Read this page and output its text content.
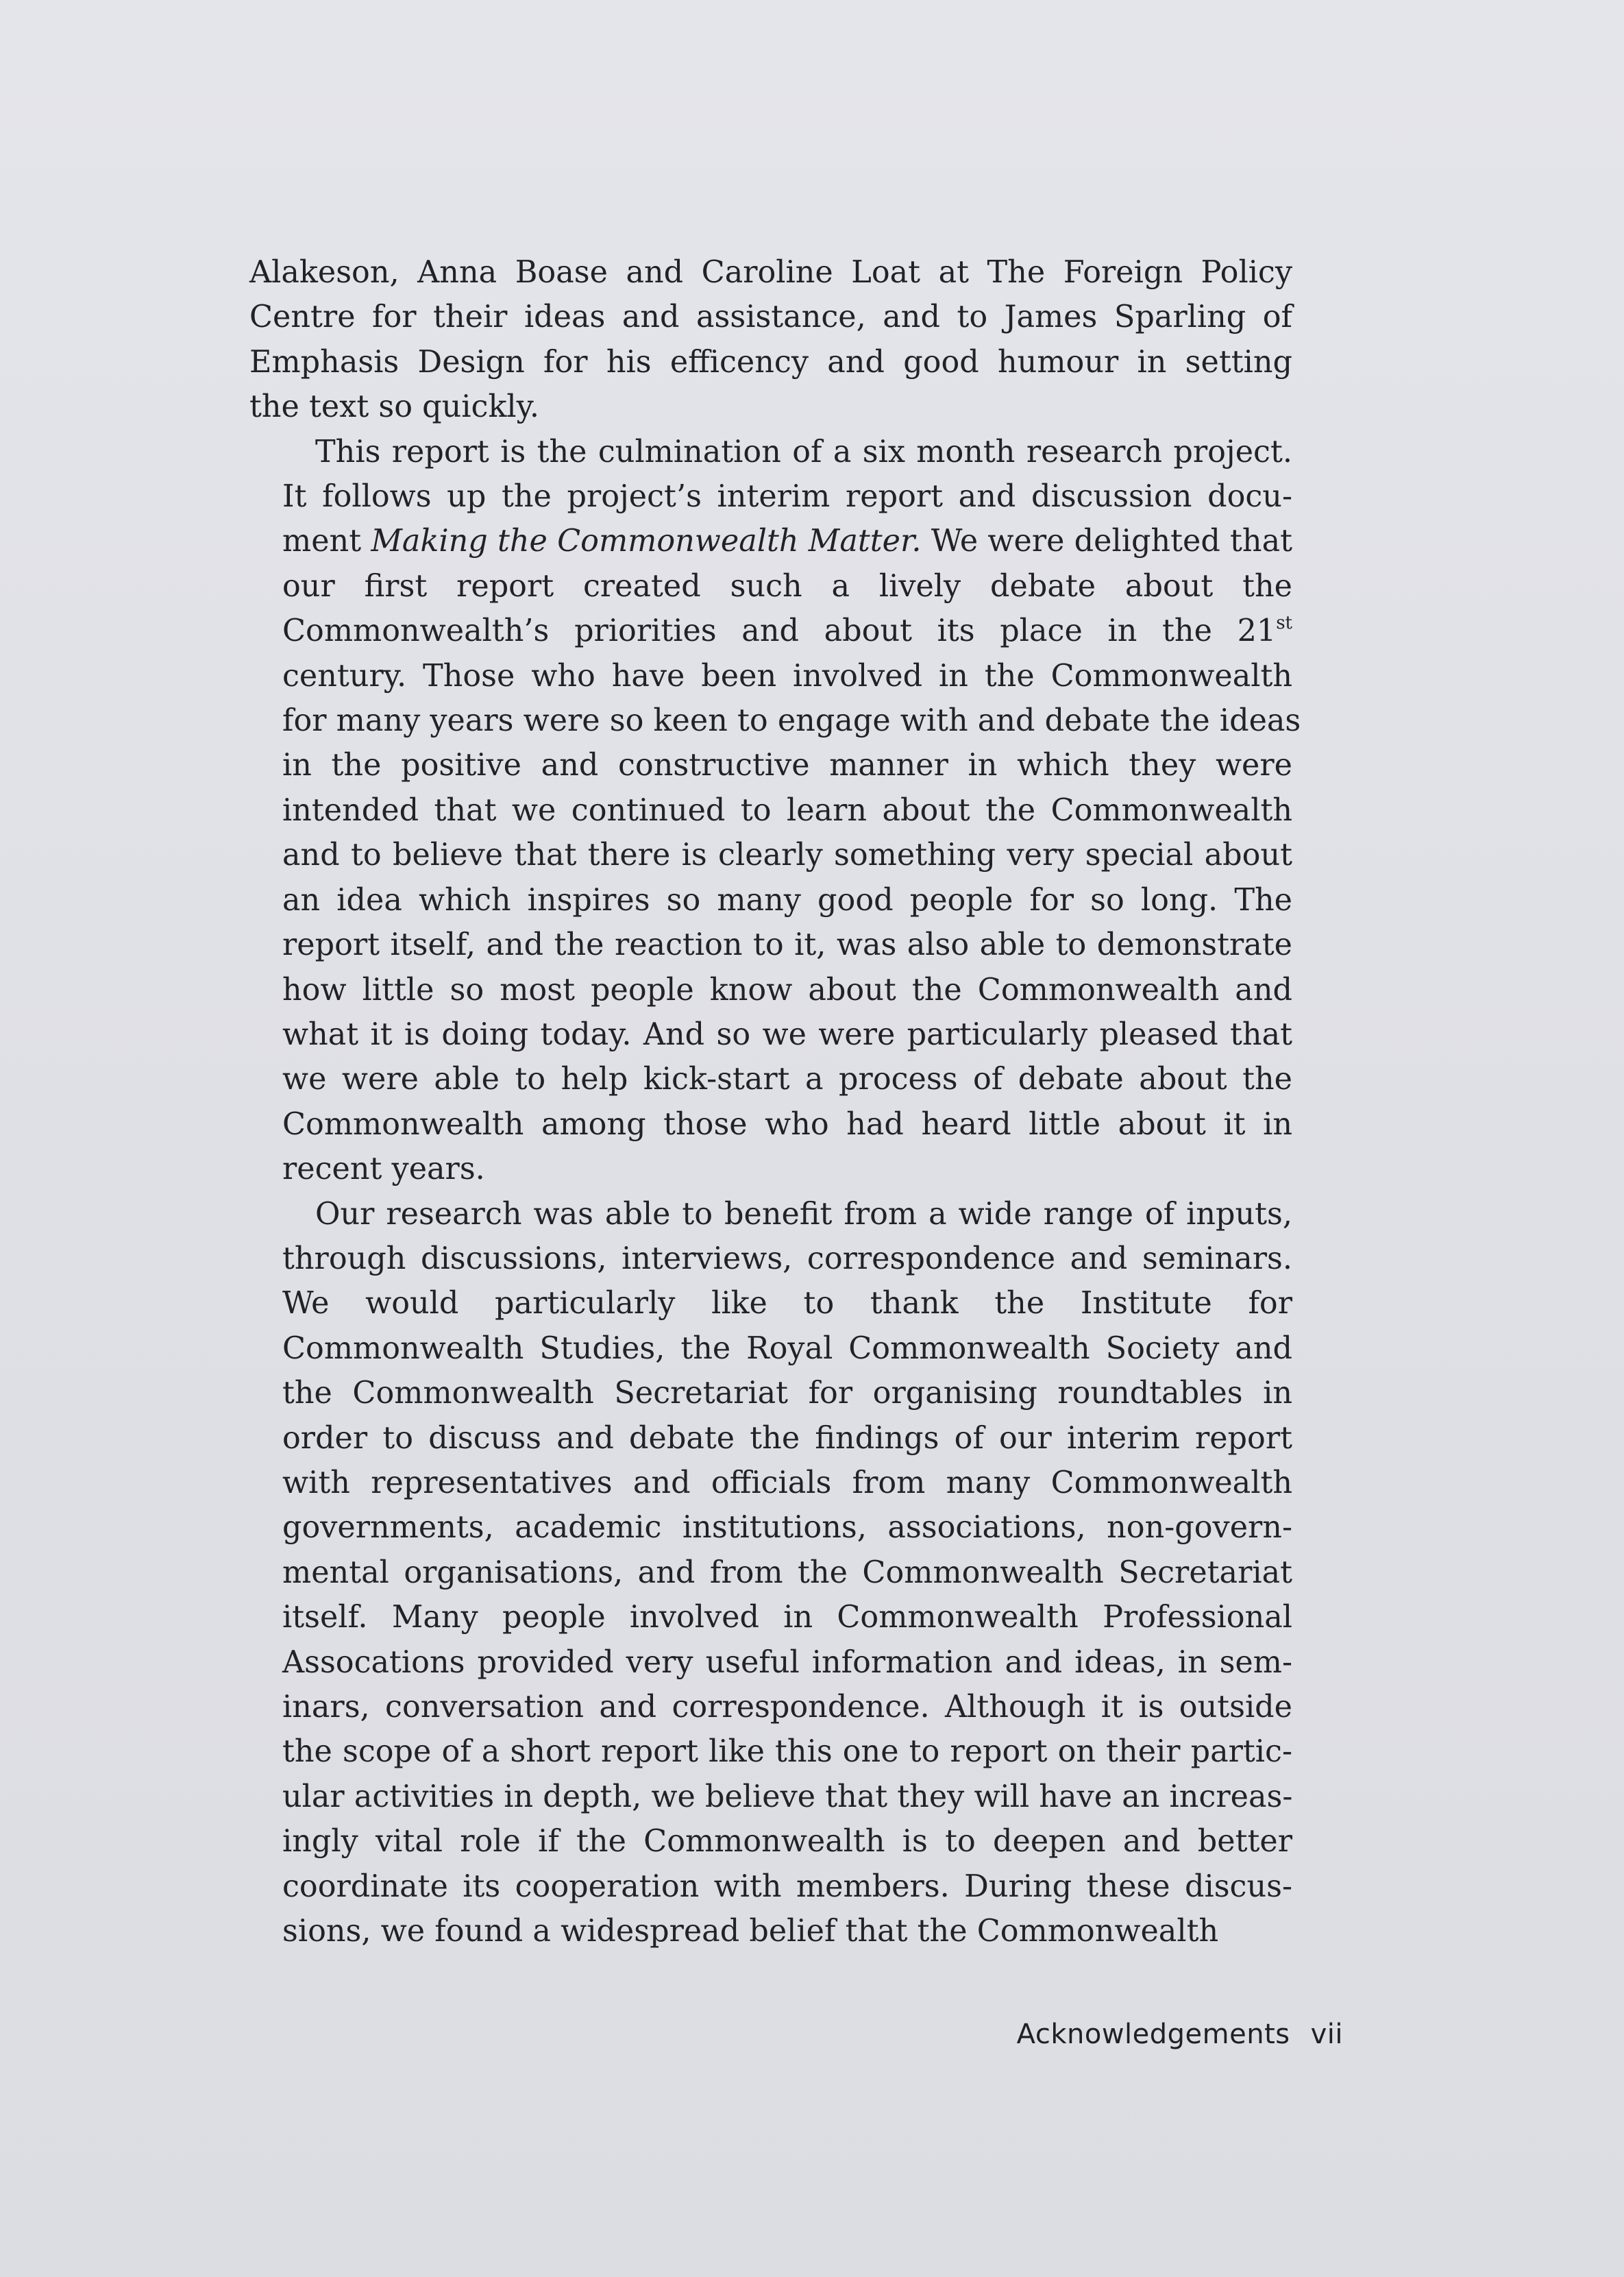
Alakeson, Anna Boase and Caroline Loat at The Foreign Policy
Centre for their ideas and assistance, and to James Sparling of
Emphasis Design for his efficency and good humour in setting
the text so quickly.
This report is the culmination of a six month research project.
It follows up the project’s interim report and discussion docu-
ment Making the Commonwealth Matter. We were delighted that
our first report created such a lively debate about the
Commonwealth’s priorities and about its place in the 21st
century. Those who have been involved in the Commonwealth
for many years were so keen to engage with and debate the ideas
in the positive and constructive manner in which they were
intended that we continued to learn about the Commonwealth
and to believe that there is clearly something very special about
an idea which inspires so many good people for so long. The
report itself, and the reaction to it, was also able to demonstrate
how little so most people know about the Commonwealth and
what it is doing today. And so we were particularly pleased that
we were able to help kick-start a process of debate about the
Commonwealth among those who had heard little about it in
recent years.
Our research was able to benefit from a wide range of inputs,
through discussions, interviews, correspondence and seminars.
We would particularly like to thank the Institute for
Commonwealth Studies, the Royal Commonwealth Society and
the Commonwealth Secretariat for organising roundtables in
order to discuss and debate the findings of our interim report
with representatives and officials from many Commonwealth
governments, academic institutions, associations, non-govern-
mental organisations, and from the Commonwealth Secretariat
itself. Many people involved in Commonwealth Professional
Assocations provided very useful information and ideas, in sem-
inars, conversation and correspondence. Although it is outside
the scope of a short report like this one to report on their partic-
ular activities in depth, we believe that they will have an increas-
ingly vital role if the Commonwealth is to deepen and better
coordinate its cooperation with members. During these discus-
sions, we found a widespread belief that the Commonwealth
Acknowledgements vii
